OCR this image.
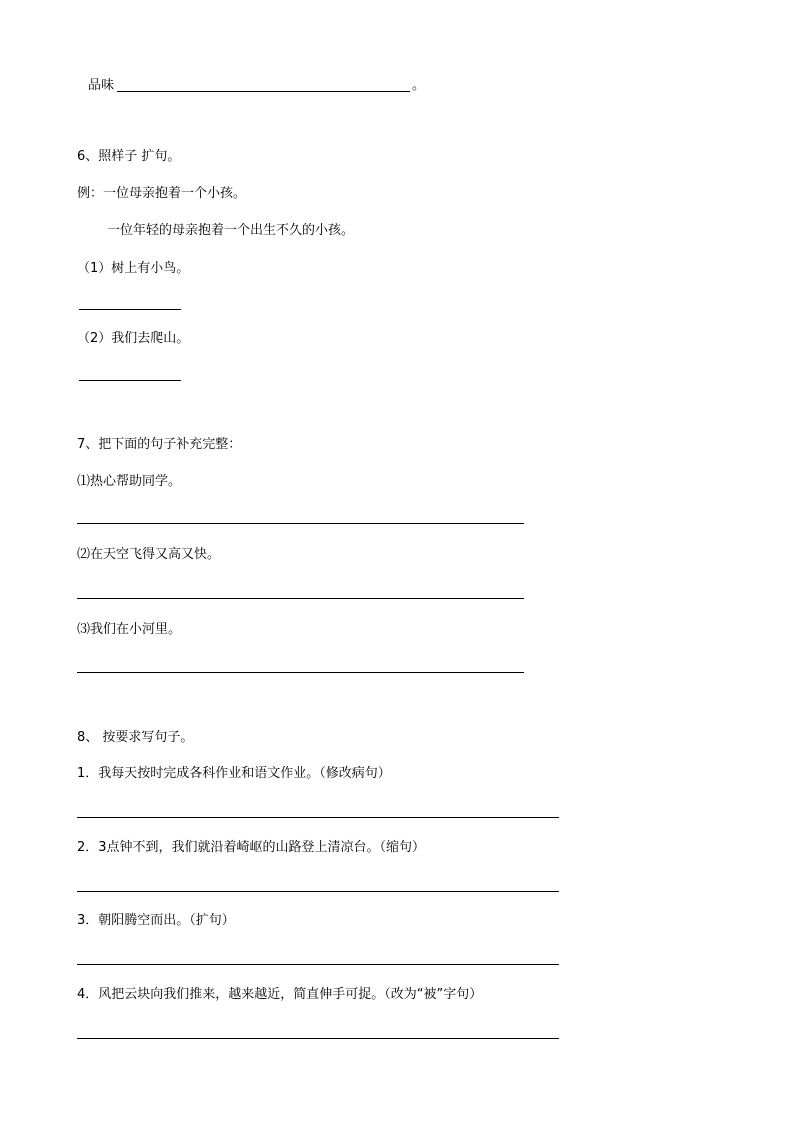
品味	。
6、照样子 扩句。
例：一位母亲抱着一个小孩。
一位年轻的母亲抱着一个出生不久的小孩。
（1）树上有小鸟。
（2）我们去爬山。
7、把下面的句子补充完整：
⑴热心帮助同学。
⑵在天空飞得又高又快。
⑶我们在小河里。
8、 按要求写句子。
1．我每天按时完成各科作业和语文作业。（修改病句）
2．3点钟不到，我们就沿着崎岖的山路登上清凉台。（缩句）
3．朝阳腾空而出。（扩句）
4．风把云块向我们推来，越来越近，简直伸手可捉。（改为“被”字句）
